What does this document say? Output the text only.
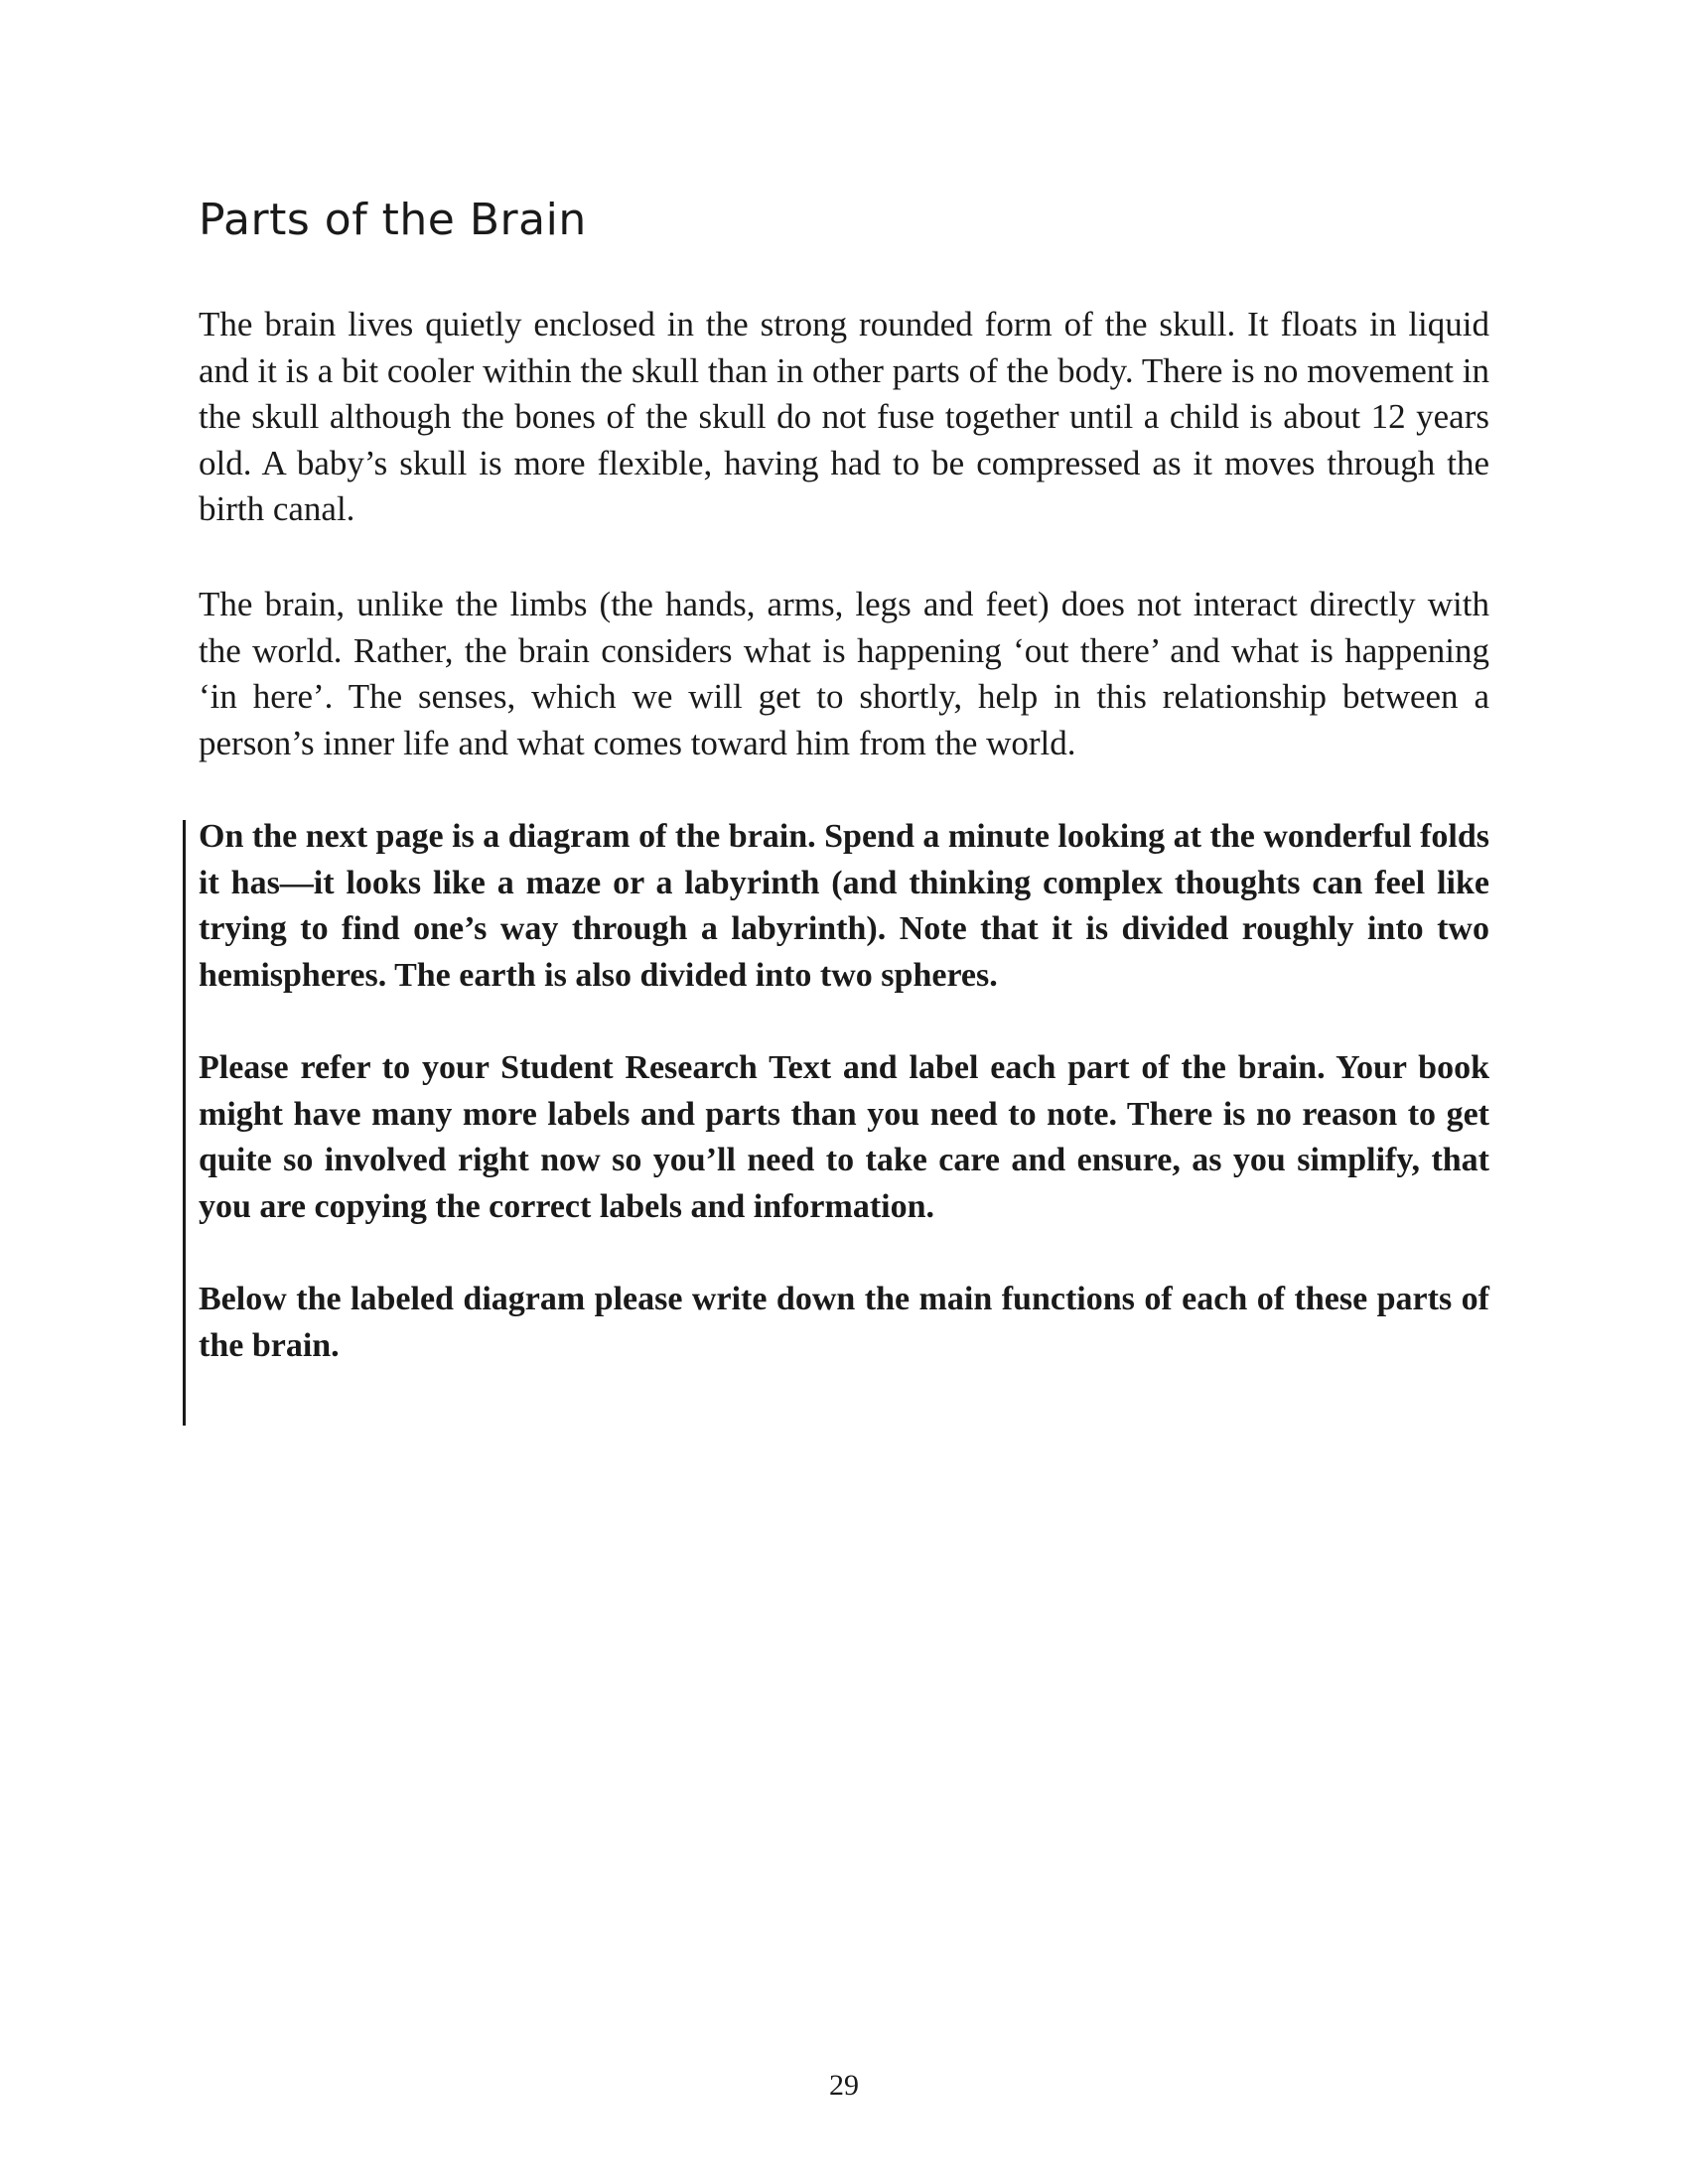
Parts of the Brain

The brain lives quietly enclosed in the strong rounded form of the skull. It floats in liquid and it is a bit cooler within the skull than in other parts of the body. There is no movement in the skull although the bones of the skull do not fuse together until a child is about 12 years old. A baby’s skull is more flexible, having had to be compressed as it moves through the birth canal.

The brain, unlike the limbs (the hands, arms, legs and feet) does not interact directly with the world. Rather, the brain considers what is happening ‘out there’ and what is happening ‘in here’. The senses, which we will get to shortly, help in this relationship between a person’s inner life and what comes toward him from the world.

On the next page is a diagram of the brain. Spend a minute looking at the wonderful folds it has—it looks like a maze or a labyrinth (and thinking complex thoughts can feel like trying to find one’s way through a labyrinth). Note that it is divided roughly into two hemispheres. The earth is also divided into two spheres.

Please refer to your Student Research Text and label each part of the brain. Your book might have many more labels and parts than you need to note. There is no reason to get quite so involved right now so you’ll need to take care and ensure, as you simplify, that you are copying the correct labels and information.

Below the labeled diagram please write down the main functions of each of these parts of the brain.

29
